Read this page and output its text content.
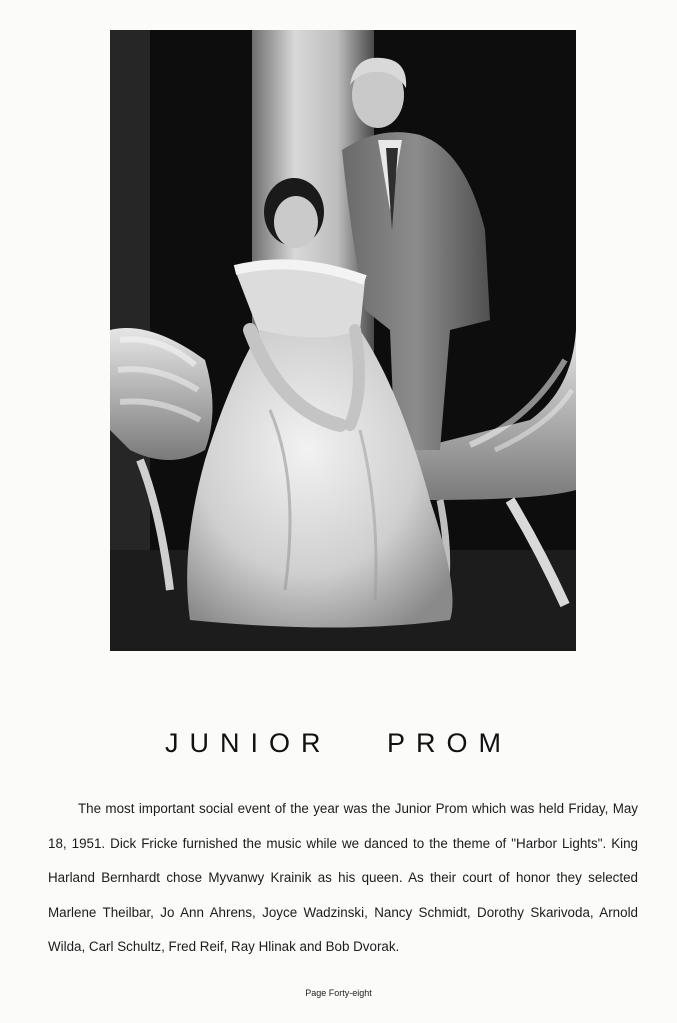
JUNIOR   PROM

The most important social event of the year was the Junior Prom which was held Friday, May 18, 1951. Dick Fricke furnished the music while we danced to the theme of "Harbor Lights". King Harland Bernhardt chose Myvanwy Krainik as his queen. As their court of honor they selected Marlene Theilbar, Jo Ann Ahrens, Joyce Wadzinski, Nancy Schmidt, Dorothy Skarivoda, Arnold Wilda, Carl Schultz, Fred Reif, Ray Hlinak and Bob Dvorak.

Page Forty-eight
